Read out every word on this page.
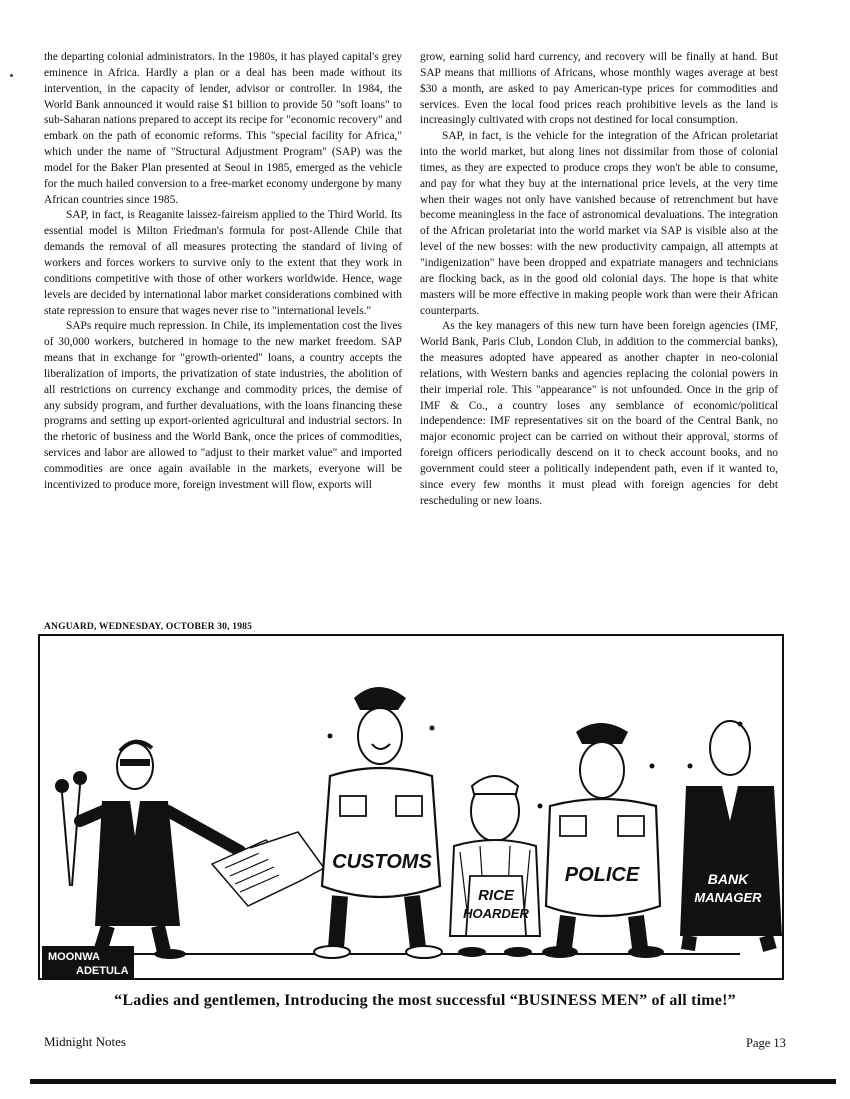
the departing colonial administrators. In the 1980s, it has played capital's grey eminence in Africa. Hardly a plan or a deal has been made without its intervention, in the capacity of lender, advisor or controller. In 1984, the World Bank announced it would raise $1 billion to provide 50 "soft loans" to sub-Saharan nations prepared to accept its recipe for "economic recovery" and embark on the path of economic reforms. This "special facility for Africa," which under the name of "Structural Adjustment Program" (SAP) was the model for the Baker Plan presented at Seoul in 1985, emerged as the vehicle for the much hailed conversion to a free-market economy undergone by many African countries since 1985.

SAP, in fact, is Reaganite laissez-faireism applied to the Third World. Its essential model is Milton Friedman's formula for post-Allende Chile that demands the removal of all measures protecting the standard of living of workers and forces workers to survive only to the extent that they work in conditions competitive with those of other workers worldwide. Hence, wage levels are decided by international labor market considerations combined with state repression to ensure that wages never rise to "international levels."

SAPs require much repression. In Chile, its implementation cost the lives of 30,000 workers, butchered in homage to the new market freedom. SAP means that in exchange for "growth-oriented" loans, a country accepts the liberalization of imports, the privatization of state industries, the abolition of all restrictions on currency exchange and commodity prices, the demise of any subsidy program, and further devaluations, with the loans financing these programs and setting up export-oriented agricultural and industrial sectors. In the rhetoric of business and the World Bank, once the prices of commodities, services and labor are allowed to "adjust to their market value" and imported commodities are once again available in the markets, everyone will be incentivized to produce more, foreign investment will flow, exports will

grow, earning solid hard currency, and recovery will be finally at hand. But SAP means that millions of Africans, whose monthly wages average at best $30 a month, are asked to pay American-type prices for commodities and services. Even the local food prices reach prohibitive levels as the land is increasingly cultivated with crops not destined for local consumption.

SAP, in fact, is the vehicle for the integration of the African proletariat into the world market, but along lines not dissimilar from those of colonial times, as they are expected to produce crops they won't be able to consume, and pay for what they buy at the international price levels, at the very time when their wages not only have vanished because of retrenchment but have become meaningless in the face of astronomical devaluations. The integration of the African proletariat into the world market via SAP is visible also at the level of the new bosses: with the new productivity campaign, all attempts at "indigenization" have been dropped and expatriate managers and technicians are flocking back, as in the good old colonial days. The hope is that white masters will be more effective in making people work than were their African counterparts.

As the key managers of this new turn have been foreign agencies (IMF, World Bank, Paris Club, London Club, in addition to the commercial banks), the measures adopted have appeared as another chapter in neo-colonial relations, with Western banks and agencies replacing the colonial powers in their imperial role. This "appearance" is not unfounded. Once in the grip of IMF & Co., a country loses any semblance of economic/political independence: IMF representatives sit on the board of the Central Bank, no major economic project can be carried on without their approval, storms of foreign officers periodically descend on it to check account books, and no government could steer a politically independent path, even if it wanted to, since every few months it must plead with foreign agencies for debt rescheduling or new loans.

ANGUARD, WEDNESDAY, OCTOBER 30, 1985
CUSTOMS
RICE
HOARDER
POLICE	BANK
MANAGER
MOONWA
ADETULA
“Ladies and gentlemen, Introducing the most successful “BUSINESS MEN” of all time!”
Midnight Notes	Page 13
